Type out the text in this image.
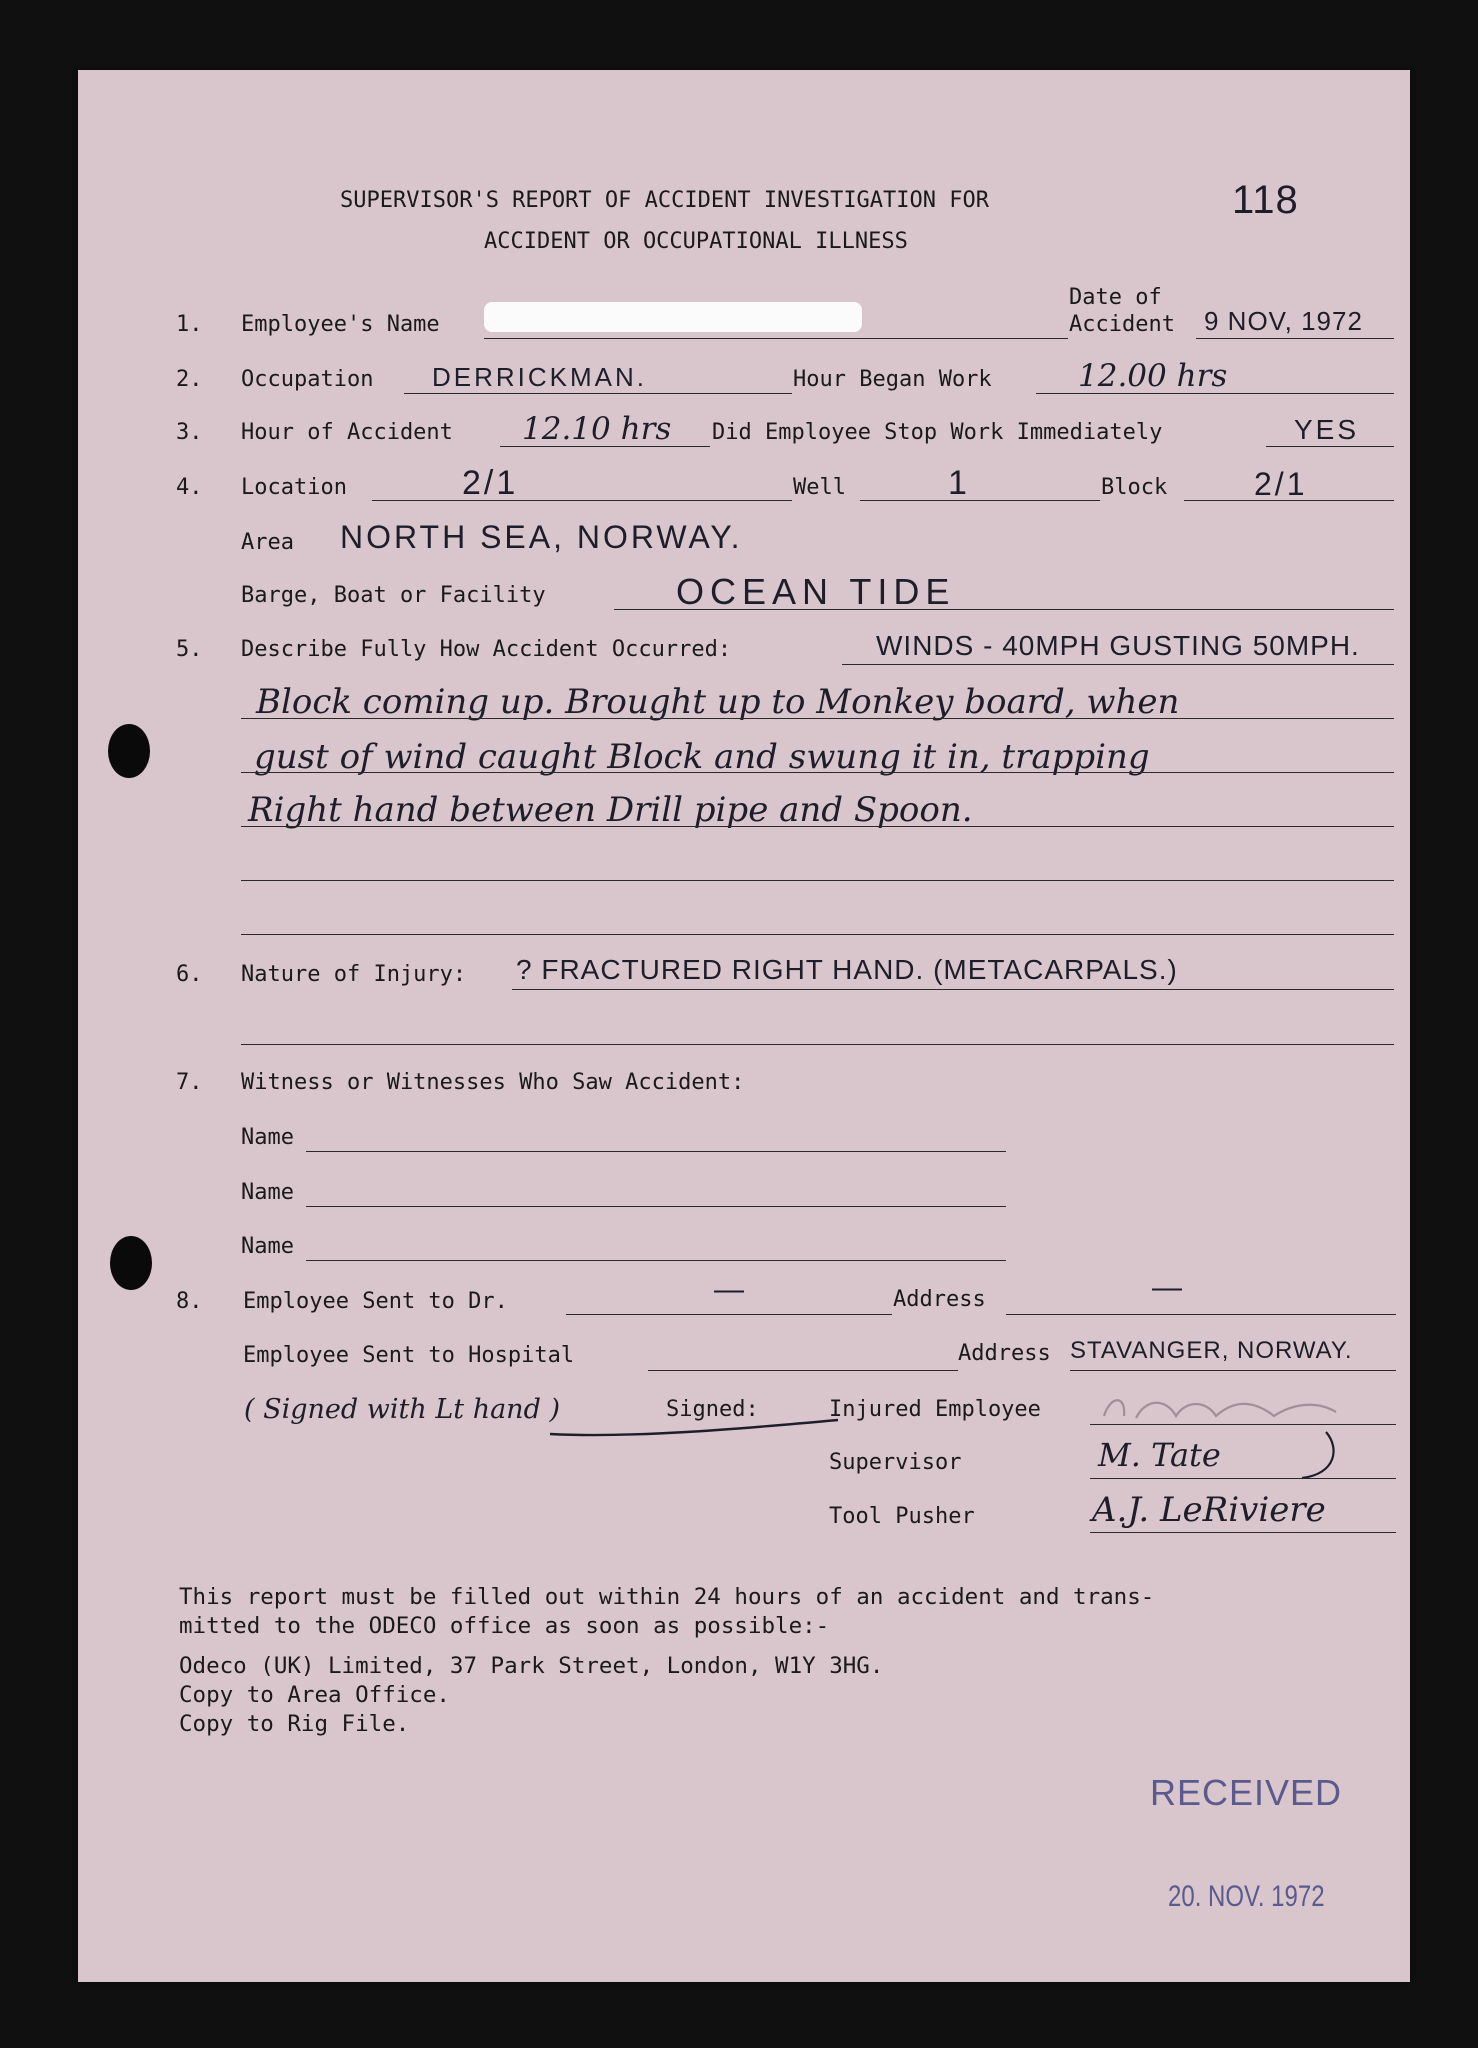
SUPERVISOR'S REPORT OF ACCIDENT INVESTIGATION FOR
ACCIDENT OR OCCUPATIONAL ILLNESS
118
1. Employee's Name
Date of
Accident 9 NOV, 1972
2. Occupation DERRICKMAN.	Hour Began Work	12.00 hrs
3. Hour of Accident 12.10 hrs Did Employee Stop Work Immediately	YES
4. Location	2/1	Well	1	Block	2/1
Area NORTH SEA, NORWAY.
Barge, Boat or Facility	OCEAN TIDE
5. Describe Fully How Accident Occurred:	WINDS - 40MPH GUSTING 50MPH.
Block coming up. Brought up to Monkey board, when
gust of wind caught Block and swung it in, trapping
Right hand between Drill pipe and Spoon.
6. Nature of Injury: ? FRACTURED RIGHT HAND. (METACARPALS.)
7. Witness or Witnesses Who Saw Accident:
Name
Name
Name
8. Employee Sent to Dr.	—	Address	—
Employee Sent to Hospital	Address STAVANGER, NORWAY.
( Signed with Lt hand )	Signed:	Injured Employee
Supervisor	M. Tate
Tool Pusher	A.J. LeRiviere
This report must be filled out within 24 hours of an accident and trans-
mitted to the ODECO office as soon as possible:-
Odeco (UK) Limited, 37 Park Street, London, W1Y 3HG.
Copy to Area Office.
Copy to Rig File.
RECEIVED
20. NOV. 1972
